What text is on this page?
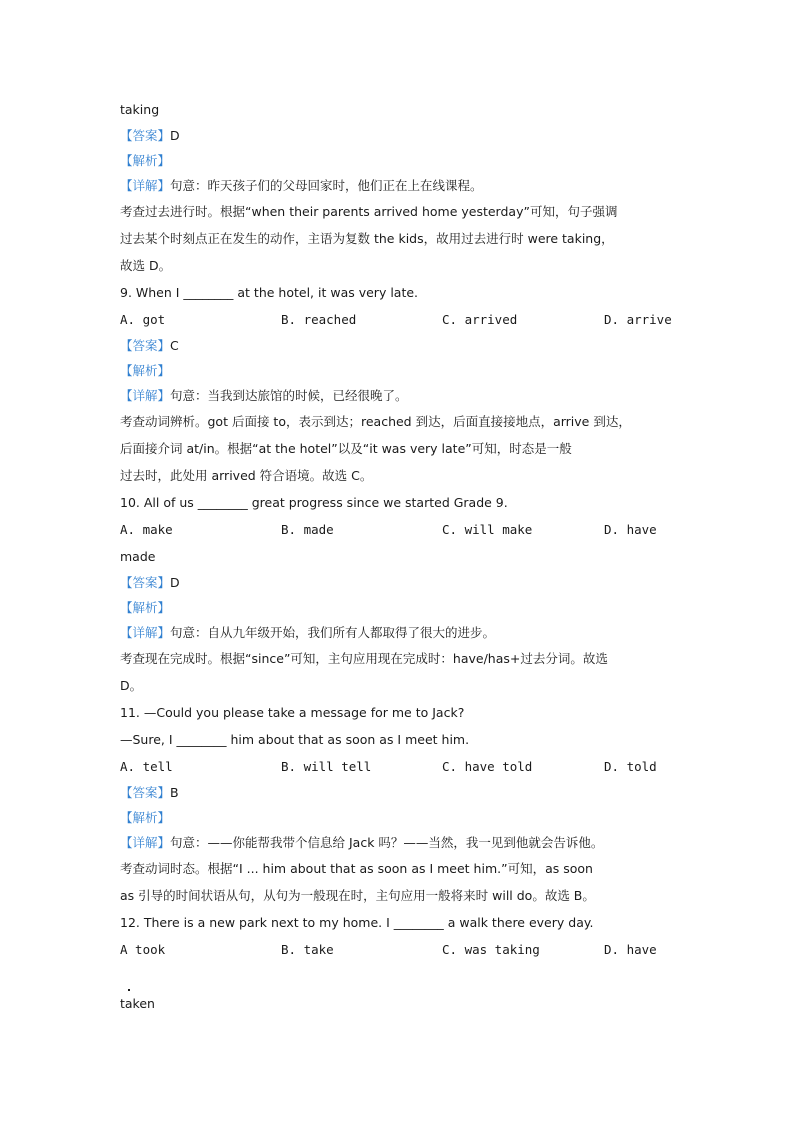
taking
【答案】D
【解析】
【详解】句意：昨天孩子们的父母回家时，他们正在上在线课程。
考查过去进行时。根据“when their parents arrived home yesterday”可知，句子强调
过去某个时刻点正在发生的动作，主语为复数 the kids，故用过去进行时 were taking，
故选 D。
9. When I ________ at the hotel, it was very late.
A. got	B. reached	C. arrived	D. arrive
【答案】C
【解析】
【详解】句意：当我到达旅馆的时候，已经很晚了。
考查动词辨析。got 后面接 to，表示到达；reached 到达，后面直接接地点，arrive 到达，
后面接介词 at/in。根据“at the hotel”以及“it was very late”可知，时态是一般
过去时，此处用 arrived 符合语境。故选 C。
10. All of us ________ great progress since we started Grade 9.
A. make	B. made	C. will make	D. have
made
【答案】D
【解析】
【详解】句意：自从九年级开始，我们所有人都取得了很大的进步。
考查现在完成时。根据“since”可知，主句应用现在完成时：have/has+过去分词。故选
D。
11. —Could you please take a message for me to Jack?
—Sure, I ________ him about that as soon as I meet him.
A. tell	B. will tell	C. have told	D. told
【答案】B
【解析】
【详解】句意：——你能帮我带个信息给 Jack 吗？——当然，我一见到他就会告诉他。
考查动词时态。根据“I ... him about that as soon as I meet him.”可知，as soon
as 引导的时间状语从句，从句为一般现在时，主句应用一般将来时 will do。故选 B。
12. There is a new park next to my home. I ________ a walk there every day.
A took	B. take	C. was taking	D. have
taken
